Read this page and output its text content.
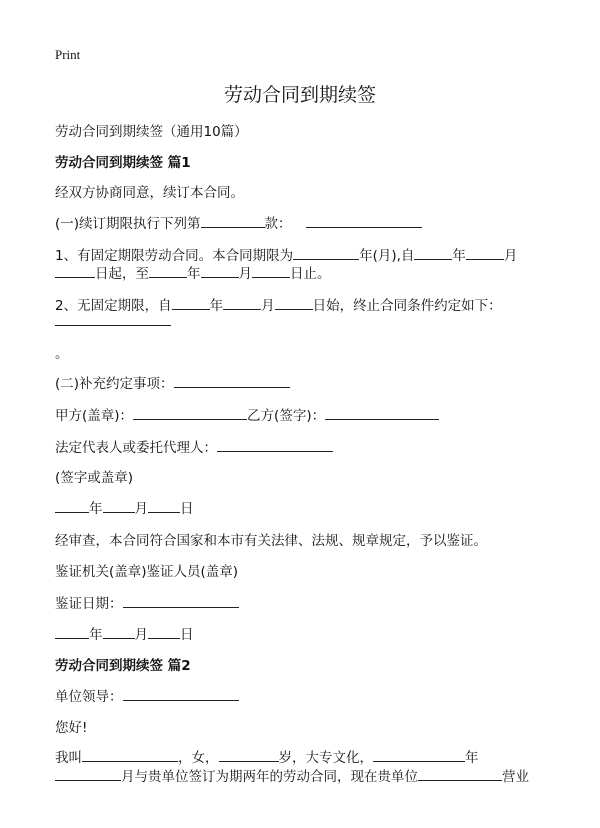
Print
劳动合同到期续签
劳动合同到期续签（通用10篇）
劳动合同到期续签 篇1
经双方协商同意，续订本合同。
(一)续订期限执行下列第	款：
1、有固定期限劳动合同。本合同期限为	年(月),自	年	月
日起，至	年	月	日止。
2、无固定期限，自	年	月	日始，终止合同条件约定如下：
。
(二)补充约定事项：
甲方(盖章)：	乙方(签字)：
法定代表人或委托代理人：
(签字或盖章)
年 月 日
经审查，本合同符合国家和本市有关法律、法规、规章规定，予以鉴证。
鉴证机关(盖章)鉴证人员(盖章)
鉴证日期：
年 月 日
劳动合同到期续签 篇2
单位领导：
您好!
我叫	，女，	岁，大专文化，	年
月与贵单位签订为期两年的劳动合同，现在贵单位	营业
